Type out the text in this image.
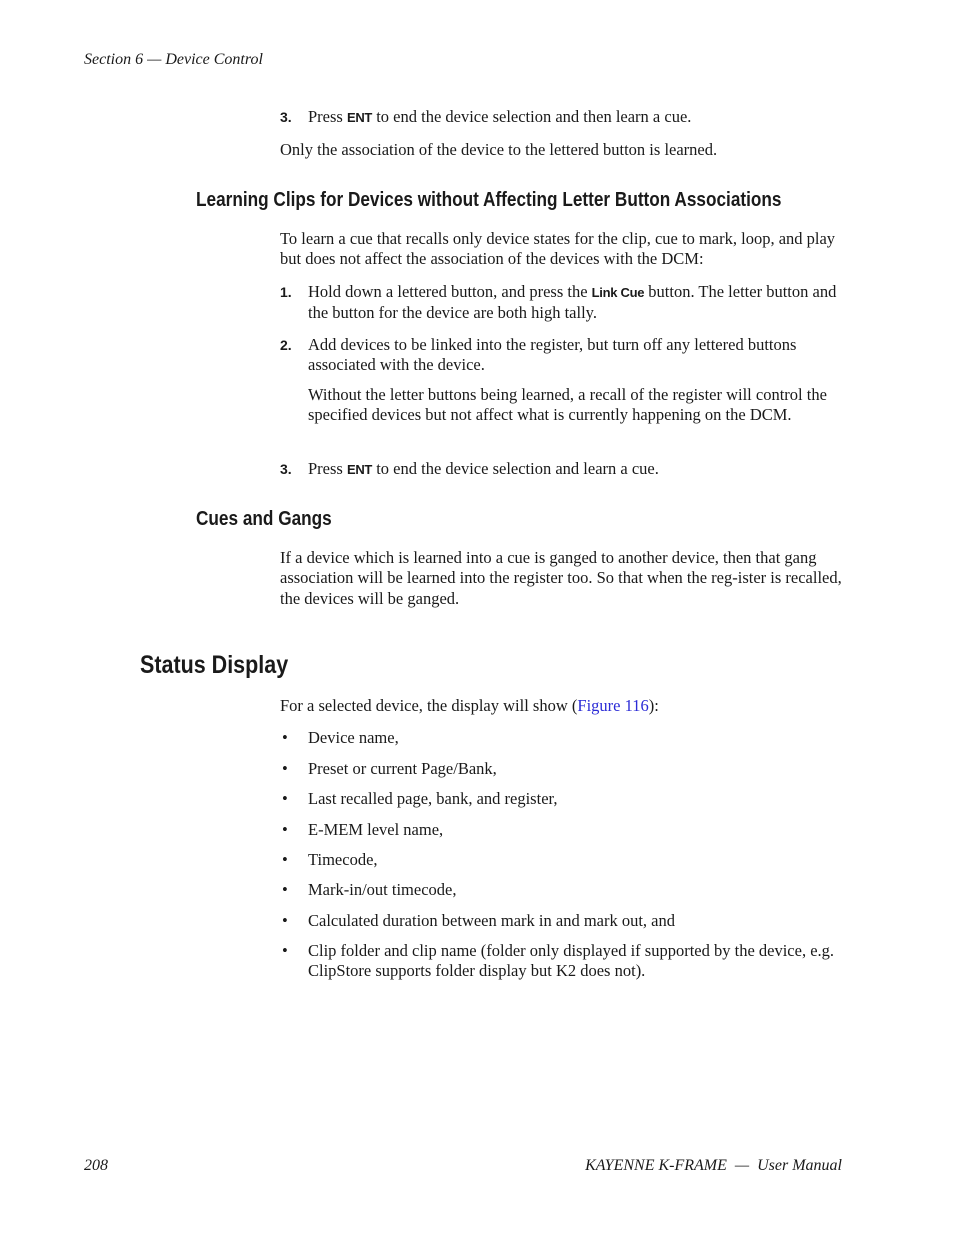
Section 6 — Device Control
3. Press ENT to end the device selection and then learn a cue.
Only the association of the device to the lettered button is learned.
Learning Clips for Devices without Affecting Letter Button Associations
To learn a cue that recalls only device states for the clip, cue to mark, loop, and play but does not affect the association of the devices with the DCM:
1. Hold down a lettered button, and press the Link Cue button. The letter button and the button for the device are both high tally.
2. Add devices to be linked into the register, but turn off any lettered buttons associated with the device.
Without the letter buttons being learned, a recall of the register will control the specified devices but not affect what is currently happening on the DCM.
3. Press ENT to end the device selection and learn a cue.
Cues and Gangs
If a device which is learned into a cue is ganged to another device, then that gang association will be learned into the register too. So that when the reg-ister is recalled, the devices will be ganged.
Status Display
For a selected device, the display will show (Figure 116):
• Device name,
• Preset or current Page/Bank,
• Last recalled page, bank, and register,
• E-MEM level name,
• Timecode,
• Mark-in/out timecode,
• Calculated duration between mark in and mark out, and
• Clip folder and clip name (folder only displayed if supported by the device, e.g. ClipStore supports folder display but K2 does not).
208	KAYENNE K-FRAME  —  User Manual
